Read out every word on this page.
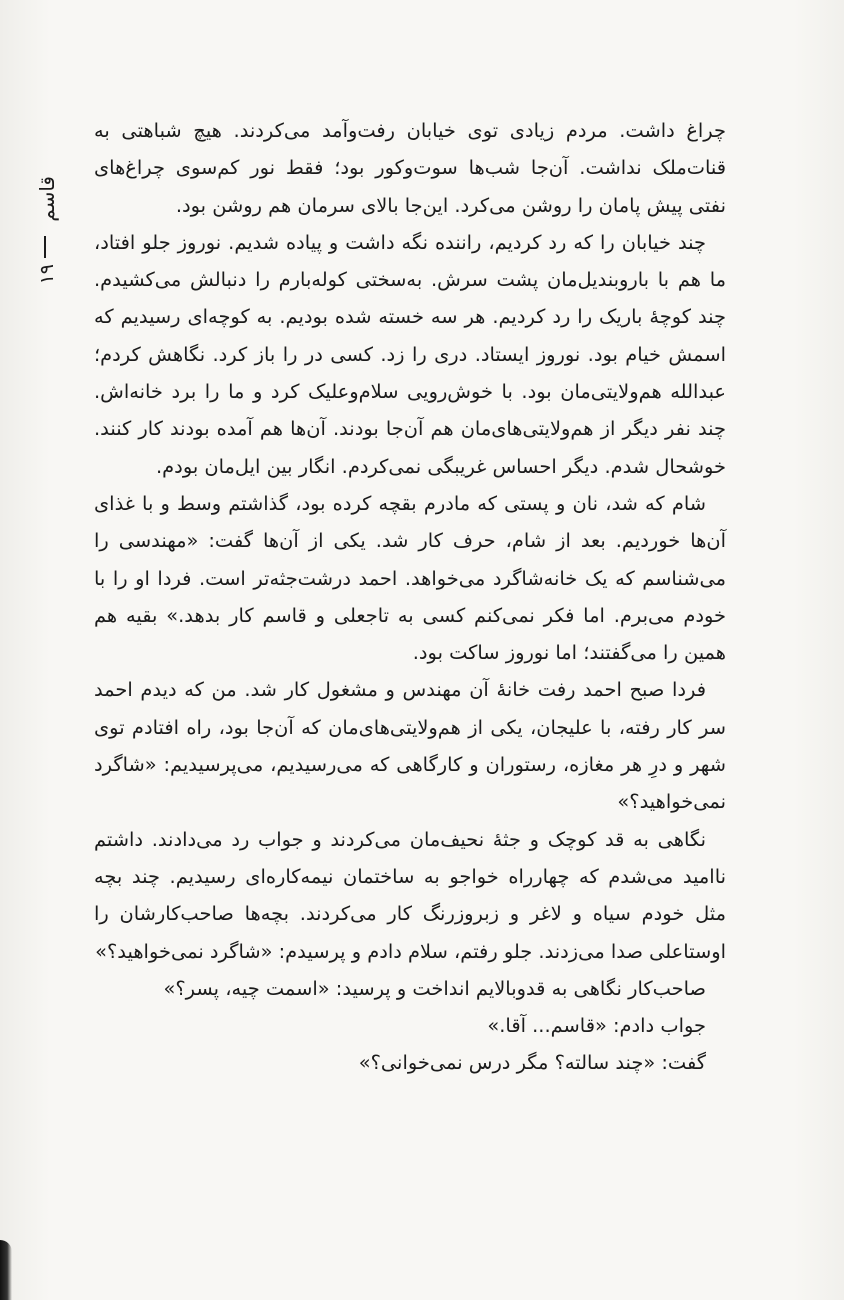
قاسم
۱۹

چراغ داشت. مردم زیادی توی خیابان رفت‌وآمد می‌کردند. هیچ شباهتی به قنات‌ملک نداشت. آن‌جا شب‌ها سوت‌وکور بود؛ فقط نور کم‌سوی چراغ‌های نفتی پیش پامان را روشن می‌کرد. این‌جا بالای سرمان هم روشن بود.

چند خیابان را که رد کردیم، راننده نگه داشت و پیاده شدیم. نوروز جلو افتاد، ما هم با باروبندیل‌مان پشت سرش. به‌سختی کوله‌بارم را دنبالش می‌کشیدم. چند کوچهٔ باریک را رد کردیم. هر سه خسته شده بودیم. به کوچه‌ای رسیدیم که اسمش خیام بود. نوروز ایستاد. دری را زد. کسی در را باز کرد. نگاهش کردم؛ عبدالله هم‌ولایتی‌مان بود. با خوش‌رویی سلام‌وعلیک کرد و ما را برد خانه‌اش. چند نفر دیگر از هم‌ولایتی‌های‌مان هم آن‌جا بودند. آن‌ها هم آمده بودند کار کنند. خوشحال شدم. دیگر احساس غریبگی نمی‌کردم. انگار بین ایل‌مان بودم.

شام که شد، نان و پستی که مادرم بقچه کرده بود، گذاشتم وسط و با غذای آن‌ها خوردیم. بعد از شام، حرف کار شد. یکی از آن‌ها گفت: «مهندسی را می‌شناسم که یک خانه‌شاگرد می‌خواهد. احمد درشت‌جثه‌تر است. فردا او را با خودم می‌برم. اما فکر نمی‌کنم کسی به تاجعلی و قاسم کار بدهد.» بقیه هم همین را می‌گفتند؛ اما نوروز ساکت بود.

فردا صبح احمد رفت خانهٔ آن مهندس و مشغول کار شد. من که دیدم احمد سر کار رفته، با علیجان، یکی از هم‌ولایتی‌های‌مان که آن‌جا بود، راه افتادم توی شهر و درِ هر مغازه، رستوران و کارگاهی که می‌رسیدیم، می‌پرسیدیم: «شاگرد نمی‌خواهید؟»

نگاهی به قد کوچک و جثهٔ نحیف‌مان می‌کردند و جواب رد می‌دادند. داشتم ناامید می‌شدم که چهارراه خواجو به ساختمان نیمه‌کاره‌ای رسیدیم. چند بچه مثل خودم سیاه و لاغر و زبروزرنگ کار می‌کردند. بچه‌ها صاحب‌کارشان را اوستاعلی صدا می‌زدند. جلو رفتم، سلام دادم و پرسیدم: «شاگرد نمی‌خواهید؟»

صاحب‌کار نگاهی به قدوبالایم انداخت و پرسید: «اسمت چیه، پسر؟»

جواب دادم: «قاسم... آقا.»

گفت: «چند سالته؟ مگر درس نمی‌خوانی؟»
